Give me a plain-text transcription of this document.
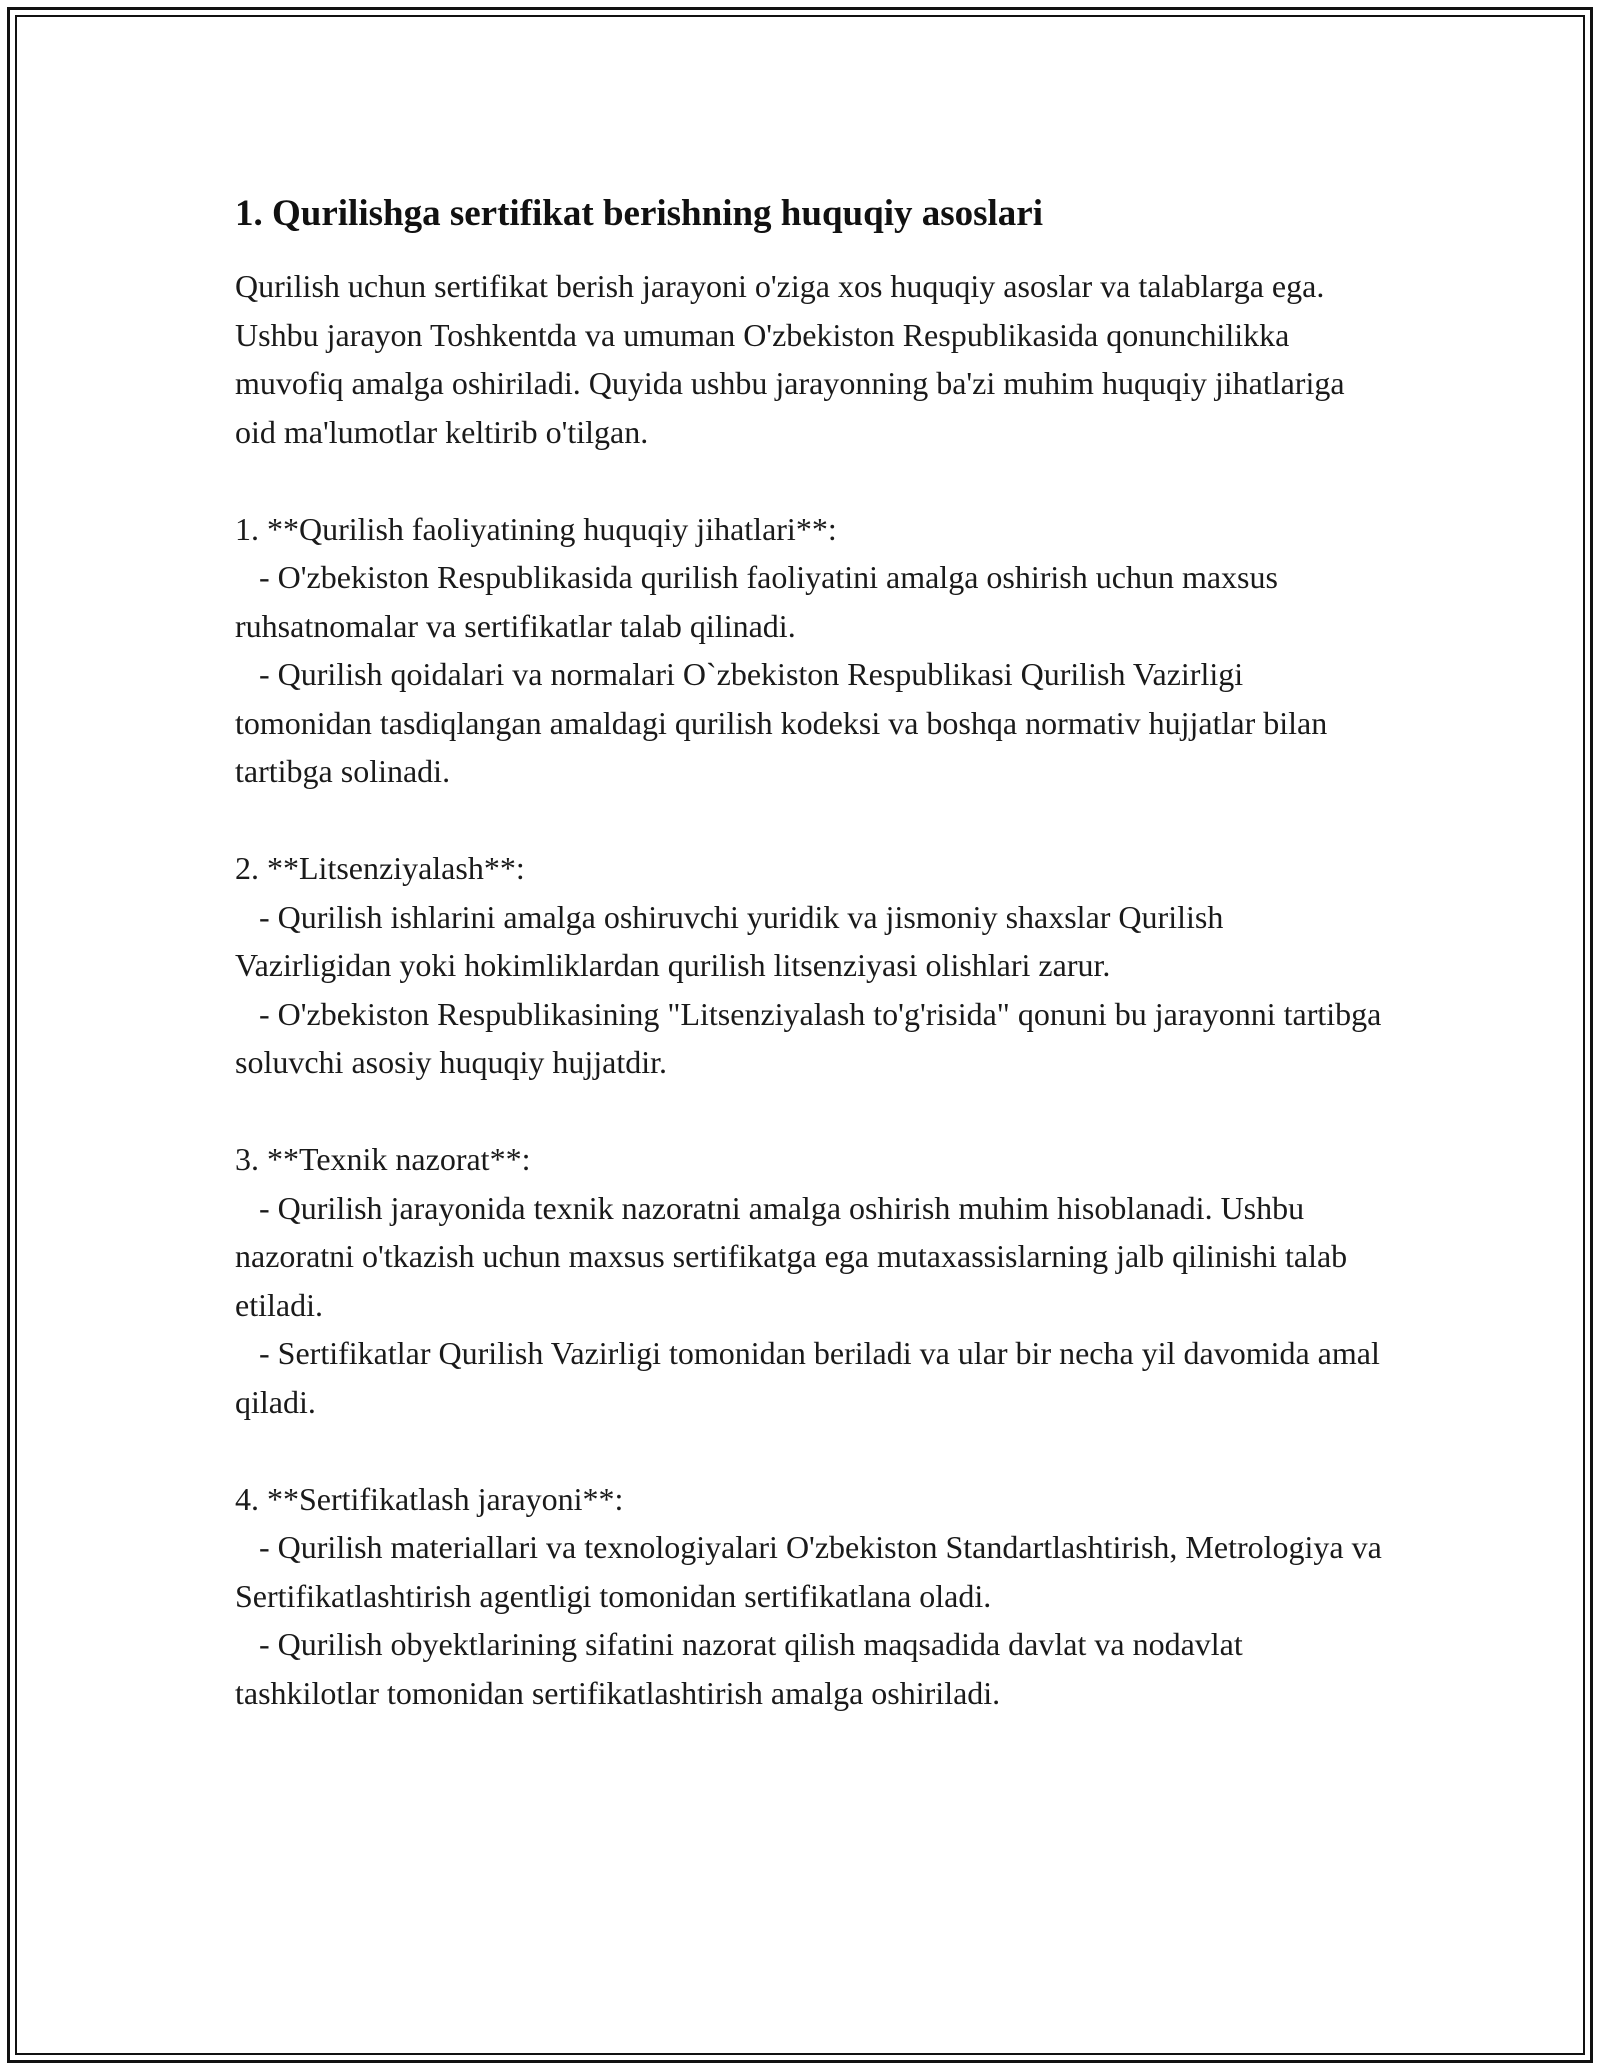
1. Qurilishga sertifikat berishning huquqiy asoslari
Qurilish uchun sertifikat berish jarayoni o'ziga xos huquqiy asoslar va talablarga ega. Ushbu jarayon Toshkentda va umuman O'zbekiston Respublikasida qonunchilikka muvofiq amalga oshiriladi. Quyida ushbu jarayonning ba'zi muhim huquqiy jihatlariga oid ma'lumotlar keltirib o'tilgan.

1. **Qurilish faoliyatining huquqiy jihatlari**:
- O'zbekiston Respublikasida qurilish faoliyatini amalga oshirish uchun maxsus ruhsatnomalar va sertifikatlar talab qilinadi.
- Qurilish qoidalari va normalari O`zbekiston Respublikasi Qurilish Vazirligi tomonidan tasdiqlangan amaldagi qurilish kodeksi va boshqa normativ hujjatlar bilan tartibga solinadi.

2. **Litsenziyalash**:
- Qurilish ishlarini amalga oshiruvchi yuridik va jismoniy shaxslar Qurilish Vazirligidan yoki hokimliklardan qurilish litsenziyasi olishlari zarur.
- O'zbekiston Respublikasining "Litsenziyalash to'g'risida" qonuni bu jarayonni tartibga soluvchi asosiy huquqiy hujjatdir.

3. **Texnik nazorat**:
- Qurilish jarayonida texnik nazoratni amalga oshirish muhim hisoblanadi. Ushbu nazoratni o'tkazish uchun maxsus sertifikatga ega mutaxassislarning jalb qilinishi talab etiladi.
- Sertifikatlar Qurilish Vazirligi tomonidan beriladi va ular bir necha yil davomida amal qiladi.

4. **Sertifikatlash jarayoni**:
- Qurilish materiallari va texnologiyalari O'zbekiston Standartlashtirish, Metrologiya va Sertifikatlashtirish agentligi tomonidan sertifikatlana oladi.
- Qurilish obyektlarining sifatini nazorat qilish maqsadida davlat va nodavlat tashkilotlar tomonidan sertifikatlashtirish amalga oshiriladi.
